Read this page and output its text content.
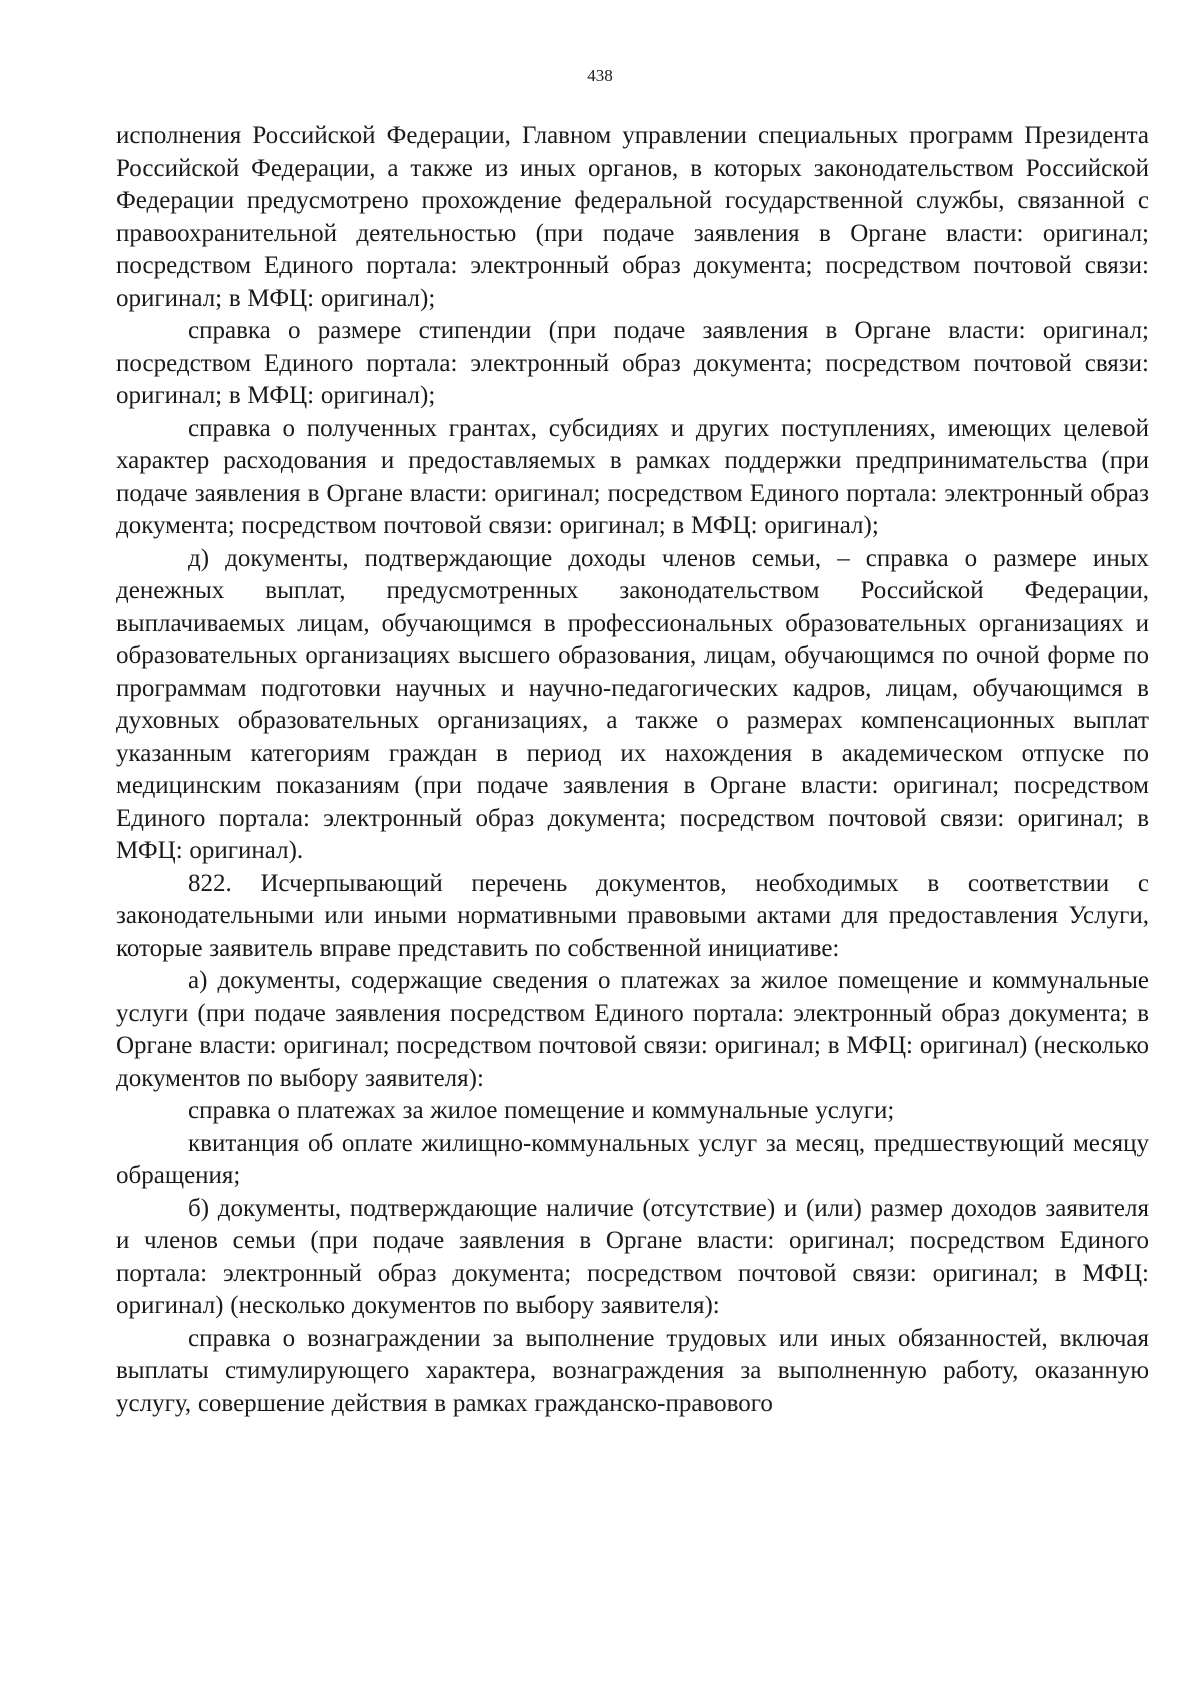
438

исполнения Российской Федерации, Главном управлении специальных программ Президента Российской Федерации, а также из иных органов, в которых законодательством Российской Федерации предусмотрено прохождение федеральной государственной службы, связанной с правоохранительной деятельностью (при подаче заявления в Органе власти: оригинал; посредством Единого портала: электронный образ документа; посредством почтовой связи: оригинал; в МФЦ: оригинал);

справка о размере стипендии (при подаче заявления в Органе власти: оригинал; посредством Единого портала: электронный образ документа; посредством почтовой связи: оригинал; в МФЦ: оригинал);

справка о полученных грантах, субсидиях и других поступлениях, имеющих целевой характер расходования и предоставляемых в рамках поддержки предпринимательства (при подаче заявления в Органе власти: оригинал; посредством Единого портала: электронный образ документа; посредством почтовой связи: оригинал; в МФЦ: оригинал);

д) документы, подтверждающие доходы членов семьи, – справка о размере иных денежных выплат, предусмотренных законодательством Российской Федерации, выплачиваемых лицам, обучающимся в профессиональных образовательных организациях и образовательных организациях высшего образования, лицам, обучающимся по очной форме по программам подготовки научных и научно-педагогических кадров, лицам, обучающимся в духовных образовательных организациях, а также о размерах компенсационных выплат указанным категориям граждан в период их нахождения в академическом отпуске по медицинским показаниям (при подаче заявления в Органе власти: оригинал; посредством Единого портала: электронный образ документа; посредством почтовой связи: оригинал; в МФЦ: оригинал).

822. Исчерпывающий перечень документов, необходимых в соответствии с законодательными или иными нормативными правовыми актами для предоставления Услуги, которые заявитель вправе представить по собственной инициативе:

а) документы, содержащие сведения о платежах за жилое помещение и коммунальные услуги (при подаче заявления посредством Единого портала: электронный образ документа; в Органе власти: оригинал; посредством почтовой связи: оригинал; в МФЦ: оригинал) (несколько документов по выбору заявителя):

справка о платежах за жилое помещение и коммунальные услуги;

квитанция об оплате жилищно-коммунальных услуг за месяц, предшествующий месяцу обращения;

б) документы, подтверждающие наличие (отсутствие) и (или) размер доходов заявителя и членов семьи (при подаче заявления в Органе власти: оригинал; посредством Единого портала: электронный образ документа; посредством почтовой связи: оригинал; в МФЦ: оригинал) (несколько документов по выбору заявителя):

справка о вознаграждении за выполнение трудовых или иных обязанностей, включая выплаты стимулирующего характера, вознаграждения за выполненную работу, оказанную услугу, совершение действия в рамках гражданско-правового
